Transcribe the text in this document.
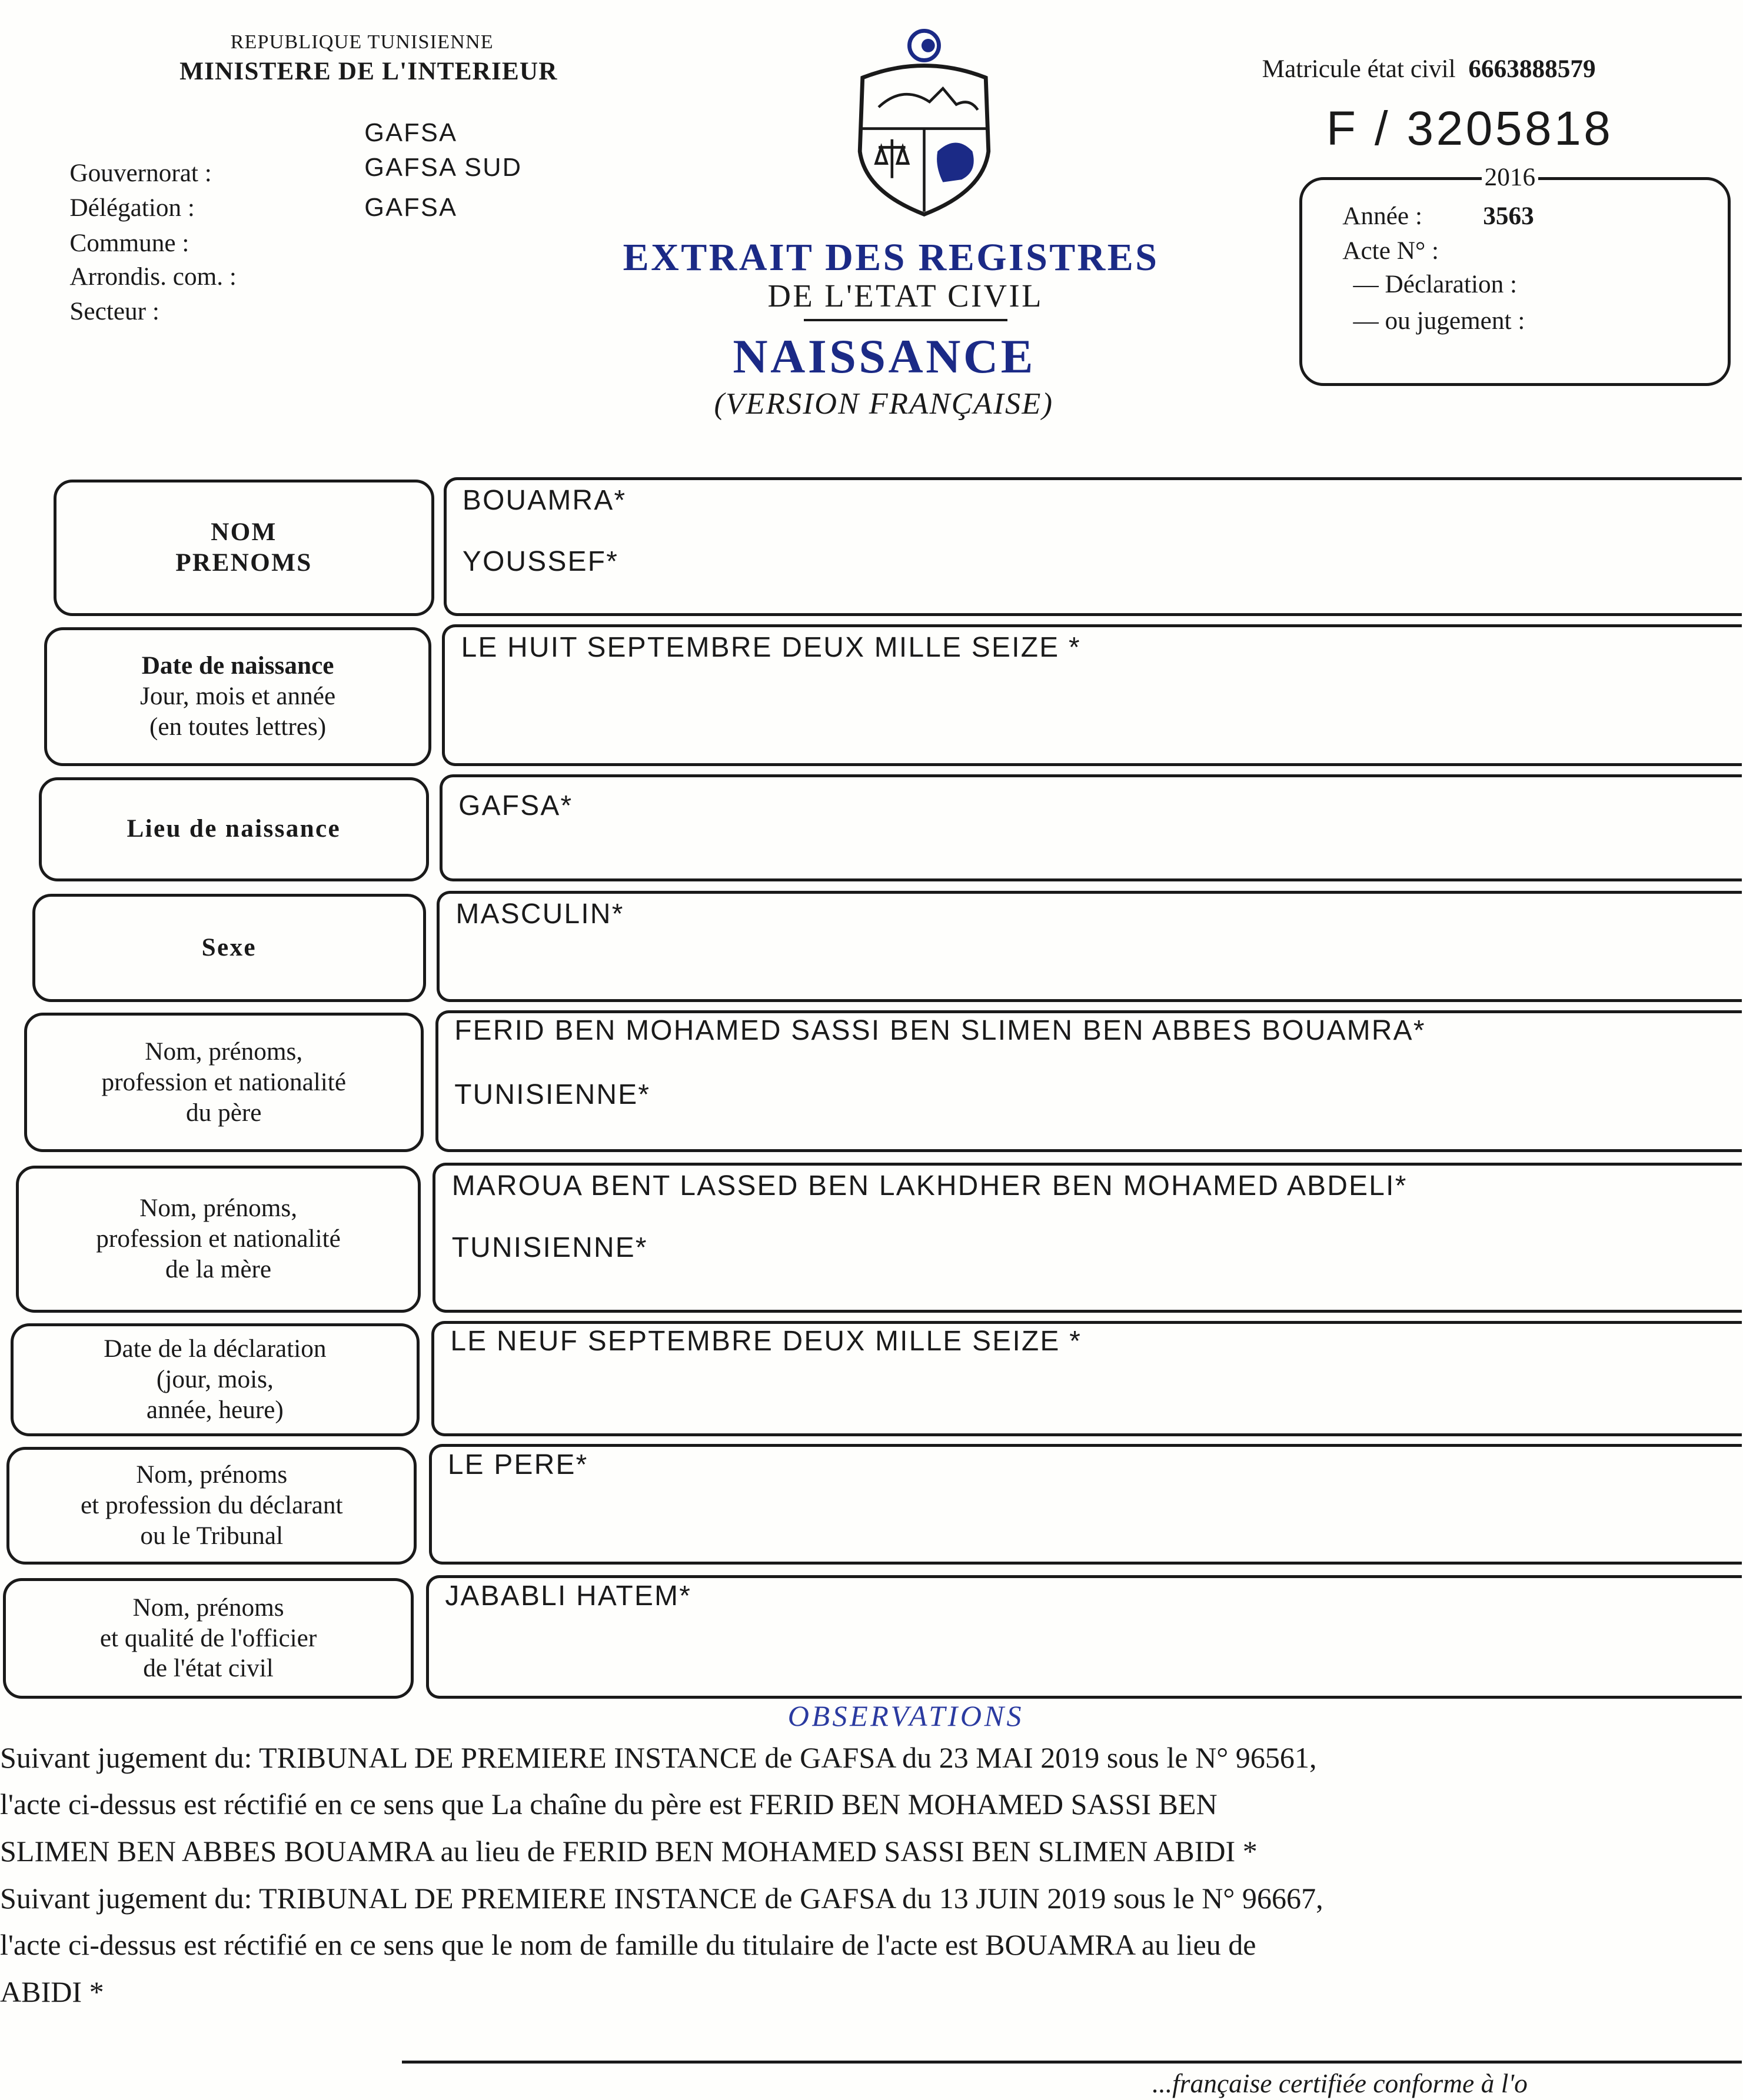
REPUBLIQUE TUNISIENNE
MINISTERE DE L'INTERIEUR
Gouvernorat :
Délégation :
Commune :
Arrondis. com. :
Secteur :
GAFSA
GAFSA SUD
GAFSA
EXTRAIT DES REGISTRES
DE L'ETAT CIVIL
NAISSANCE
(VERSION FRANÇAISE)
Matricule état civil 6663888579
F / 3205818
2016
Année : 3563
Acte N° :
— Déclaration :
— ou jugement :
NOM
PRENOMS
BOUAMRA*
YOUSSEF*
Date de naissance
Jour, mois et année
(en toutes lettres)
LE HUIT SEPTEMBRE DEUX MILLE SEIZE *
Lieu de naissance
GAFSA*
Sexe
MASCULIN*
Nom, prénoms,
profession et nationalité
du père
FERID BEN MOHAMED SASSI BEN SLIMEN BEN ABBES BOUAMRA*
TUNISIENNE*
Nom, prénoms,
profession et nationalité
de la mère
MAROUA BENT LASSED BEN LAKHDHER BEN MOHAMED ABDELI*
TUNISIENNE*
Date de la déclaration
(jour, mois,
année, heure)
LE NEUF SEPTEMBRE DEUX MILLE SEIZE *
Nom, prénoms
et profession du déclarant
ou le Tribunal
LE PERE*
Nom, prénoms
et qualité de l'officier
de l'état civil
JABABLI HATEM*
OBSERVATIONS
Suivant jugement du: TRIBUNAL DE PREMIERE INSTANCE de GAFSA du 23 MAI 2019 sous le N° 96561,
l'acte ci-dessus est réctifié en ce sens que La chaîne du père est FERID BEN MOHAMED SASSI BEN
SLIMEN BEN ABBES BOUAMRA au lieu de FERID BEN MOHAMED SASSI BEN SLIMEN ABIDI *
Suivant jugement du: TRIBUNAL DE PREMIERE INSTANCE de GAFSA du 13 JUIN 2019 sous le N° 96667,
l'acte ci-dessus est réctifié en ce sens que le nom de famille du titulaire de l'acte est BOUAMRA au lieu de
ABIDI *
...française certifiée conforme à l'o
